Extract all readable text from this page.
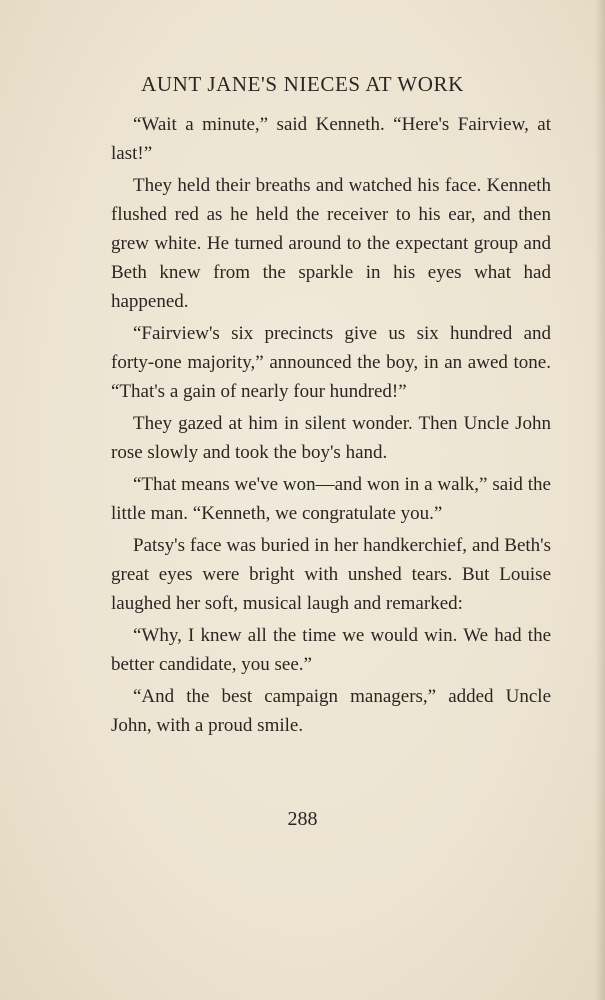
AUNT JANE'S NIECES AT WORK

“Wait a minute,” said Kenneth. “Here's Fairview, at last!”

They held their breaths and watched his face. Kenneth flushed red as he held the receiver to his ear, and then grew white. He turned around to the expectant group and Beth knew from the sparkle in his eyes what had happened.

“Fairview's six precincts give us six hundred and forty-one majority,” announced the boy, in an awed tone. “That's a gain of nearly four hundred!”

They gazed at him in silent wonder. Then Uncle John rose slowly and took the boy's hand.

“That means we've won—and won in a walk,” said the little man. “Kenneth, we congratulate you.”

Patsy's face was buried in her handkerchief, and Beth's great eyes were bright with unshed tears. But Louise laughed her soft, musical laugh and remarked:

“Why, I knew all the time we would win. We had the better candidate, you see.”

“And the best campaign managers,” added Uncle John, with a proud smile.

288
